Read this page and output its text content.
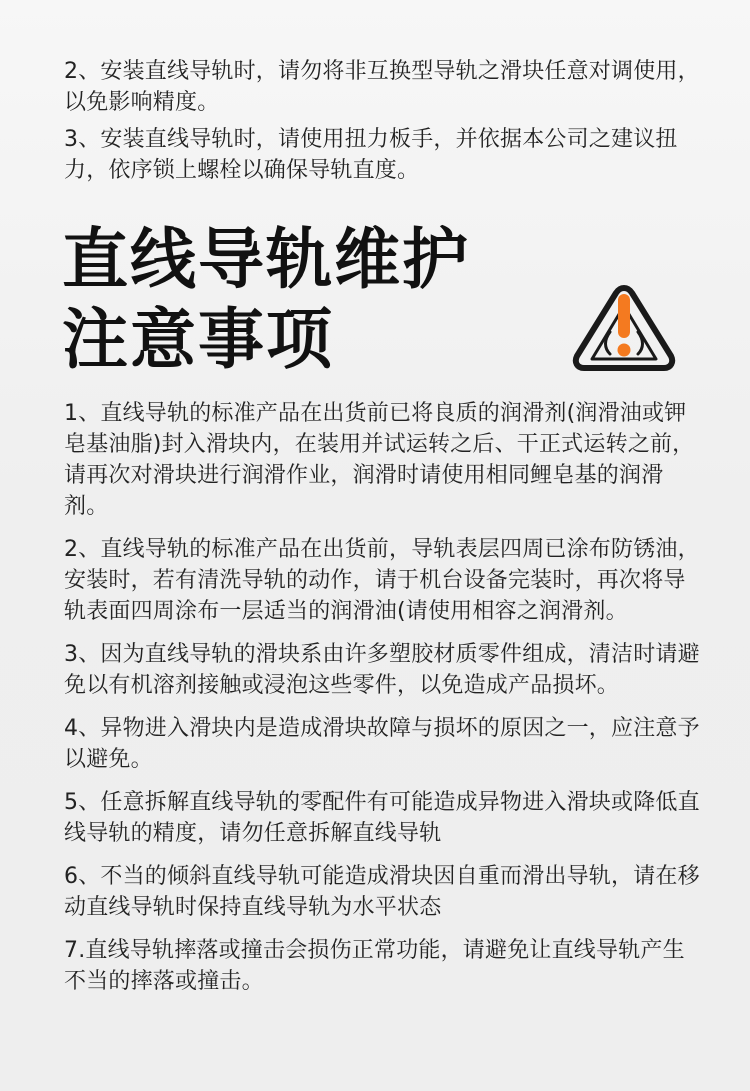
2、安装直线导轨时，请勿将非互换型导轨之滑块任意对调使用，以免影响精度。

3、安装直线导轨时，请使用扭力板手，并依据本公司之建议扭力，依序锁上螺栓以确保导轨直度。

直线导轨维护
注意事项

1、直线导轨的标准产品在出货前已将良质的润滑剂(润滑油或钾皂基油脂)封入滑块内，在装用并试运转之后、干正式运转之前，请再次对滑块进行润滑作业，润滑时请使用相同鲤皂基的润滑剂。

2、直线导轨的标准产品在出货前，导轨表层四周已涂布防锈油，安装时，若有清洗导轨的动作，请于机台设备完装时，再次将导轨表面四周涂布一层适当的润滑油(请使用相容之润滑剂。

3、因为直线导轨的滑块系由许多塑胶材质零件组成，清洁时请避免以有机溶剂接触或浸泡这些零件，以免造成产品损坏。

4、异物进入滑块内是造成滑块故障与损坏的原因之一，应注意予以避免。

5、任意拆解直线导轨的零配件有可能造成异物进入滑块或降低直线导轨的精度，请勿任意拆解直线导轨

6、不当的倾斜直线导轨可能造成滑块因自重而滑出导轨，请在移动直线导轨时保持直线导轨为水平状态

7.直线导轨摔落或撞击会损伤正常功能，请避免让直线导轨产生不当的摔落或撞击。
